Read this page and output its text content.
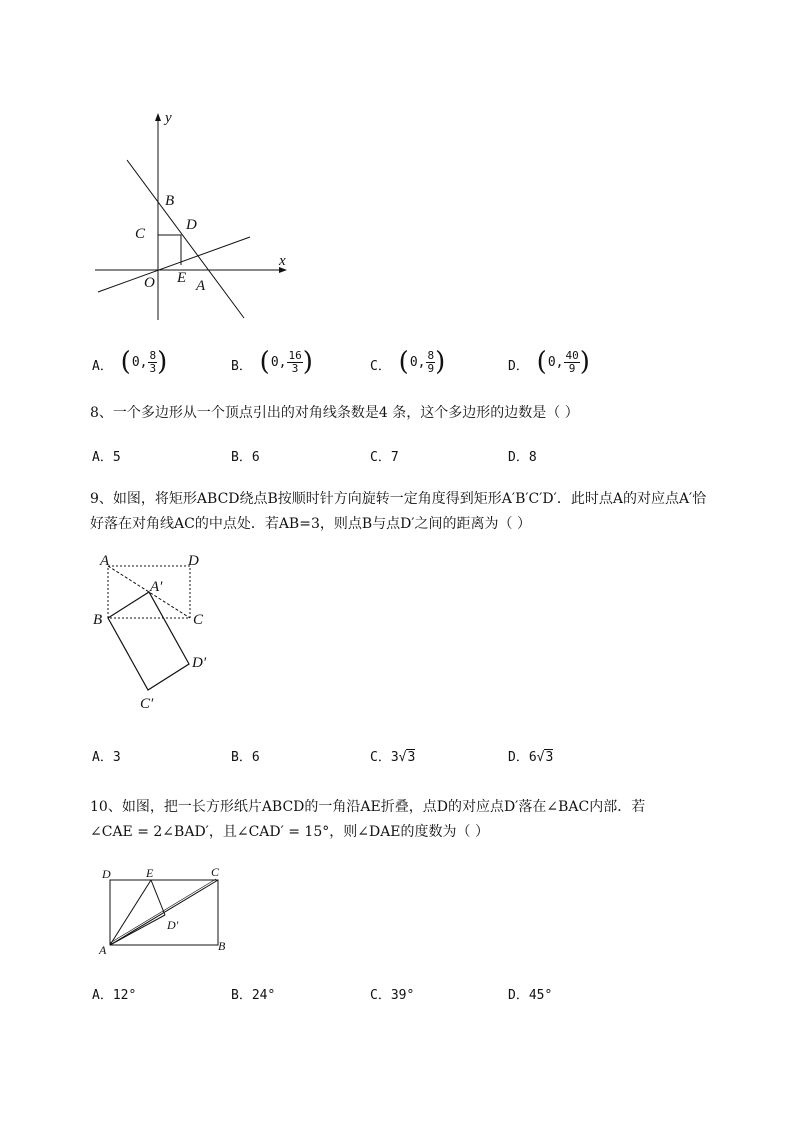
y
x
B
C
D
O E A
A． ( 0, $\frac{8}{3}$ )	B． ( 0, $\frac{16}{3}$ )	C． ( 0, $\frac{8}{9}$ )	D． ( 0, $\frac{40}{9}$ )
8、一个多边形从一个顶点引出的对角线条数是4 条，这个多边形的边数是（ ）
A．5	B．6	C．7	D．8
9、如图，将矩形ABCD绕点B按顺时针方向旋转一定角度得到矩形A′B′C′D′．此时点A的对应点A′恰
好落在对角线AC的中点处．若AB=3，则点B与点D′之间的距离为（ ）
A	D
A′
B	C
D′
C′
A．3	B．6	C．3√3	D．6√3
10、如图，把一长方形纸片ABCD的一角沿AE折叠，点D的对应点D′落在∠BAC内部．若
∠CAE = 2∠BAD′，且∠CAD′ = 15°，则∠DAE的度数为（ ）
D	E	C
D′
A	B
A．12°	B．24°	C．39°	D．45°
